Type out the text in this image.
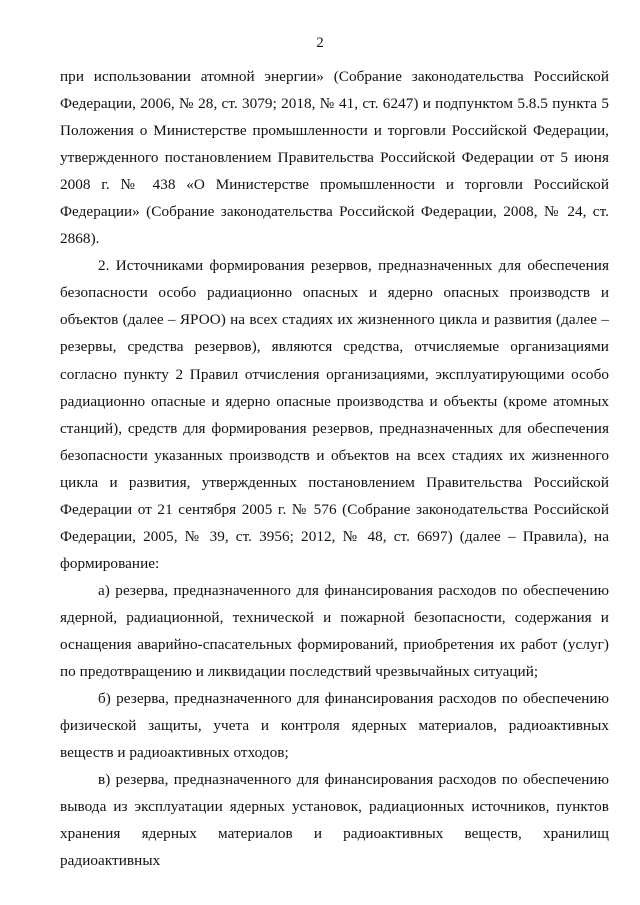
2

при использовании атомной энергии» (Собрание законодательства Российской Федерации, 2006, № 28, ст. 3079; 2018, № 41, ст. 6247) и подпунктом 5.8.5 пункта 5 Положения о Министерстве промышленности и торговли Российской Федерации, утвержденного постановлением Правительства Российской Федерации от 5 июня 2008 г. № 438 «О Министерстве промышленности и торговли Российской Федерации» (Собрание законодательства Российской Федерации, 2008, № 24, ст. 2868).

2. Источниками формирования резервов, предназначенных для обеспечения безопасности особо радиационно опасных и ядерно опасных производств и объектов (далее – ЯРОО) на всех стадиях их жизненного цикла и развития (далее – резервы, средства резервов), являются средства, отчисляемые организациями согласно пункту 2 Правил отчисления организациями, эксплуатирующими особо радиационно опасные и ядерно опасные производства и объекты (кроме атомных станций), средств для формирования резервов, предназначенных для обеспечения безопасности указанных производств и объектов на всех стадиях их жизненного цикла и развития, утвержденных постановлением Правительства Российской Федерации от 21 сентября 2005 г. № 576 (Собрание законодательства Российской Федерации, 2005, № 39, ст. 3956; 2012, № 48, ст. 6697) (далее – Правила), на формирование:

а) резерва, предназначенного для финансирования расходов по обеспечению ядерной, радиационной, технической и пожарной безопасности, содержания и оснащения аварийно-спасательных формирований, приобретения их работ (услуг) по предотвращению и ликвидации последствий чрезвычайных ситуаций;

б) резерва, предназначенного для финансирования расходов по обеспечению физической защиты, учета и контроля ядерных материалов, радиоактивных веществ и радиоактивных отходов;

в) резерва, предназначенного для финансирования расходов по обеспечению вывода из эксплуатации ядерных установок, радиационных источников, пунктов хранения ядерных материалов и радиоактивных веществ, хранилищ радиоактивных
